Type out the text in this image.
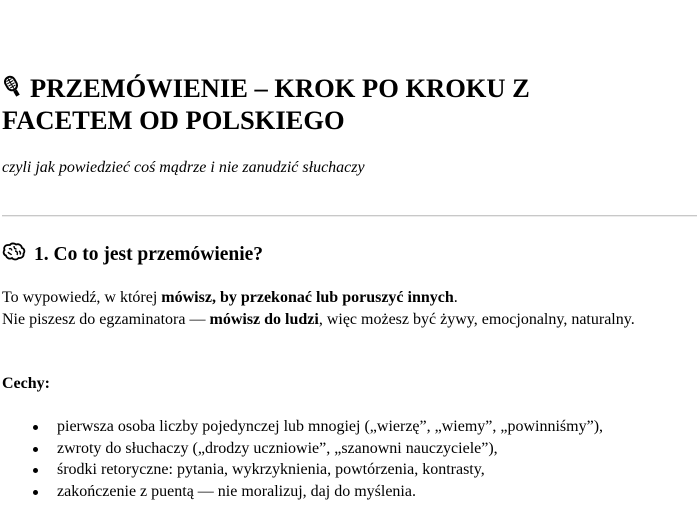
PRZEMÓWIENIE – KROK PO KROKU Z FACETEM OD POLSKIEGO

czyli jak powiedzieć coś mądrze i nie zanudzić słuchaczy

1. Co to jest przemówienie?

To wypowiedź, w której mówisz, by przekonać lub poruszyć innych.
Nie piszesz do egzaminatora — mówisz do ludzi, więc możesz być żywy, emocjonalny, naturalny.

Cechy:

pierwsza osoba liczby pojedynczej lub mnogiej („wierzę”, „wiemy”, „powinniśmy”),
zwroty do słuchaczy („drodzy uczniowie”, „szanowni nauczyciele”),
środki retoryczne: pytania, wykrzyknienia, powtórzenia, kontrasty,
zakończenie z puentą — nie moralizuj, daj do myślenia.
